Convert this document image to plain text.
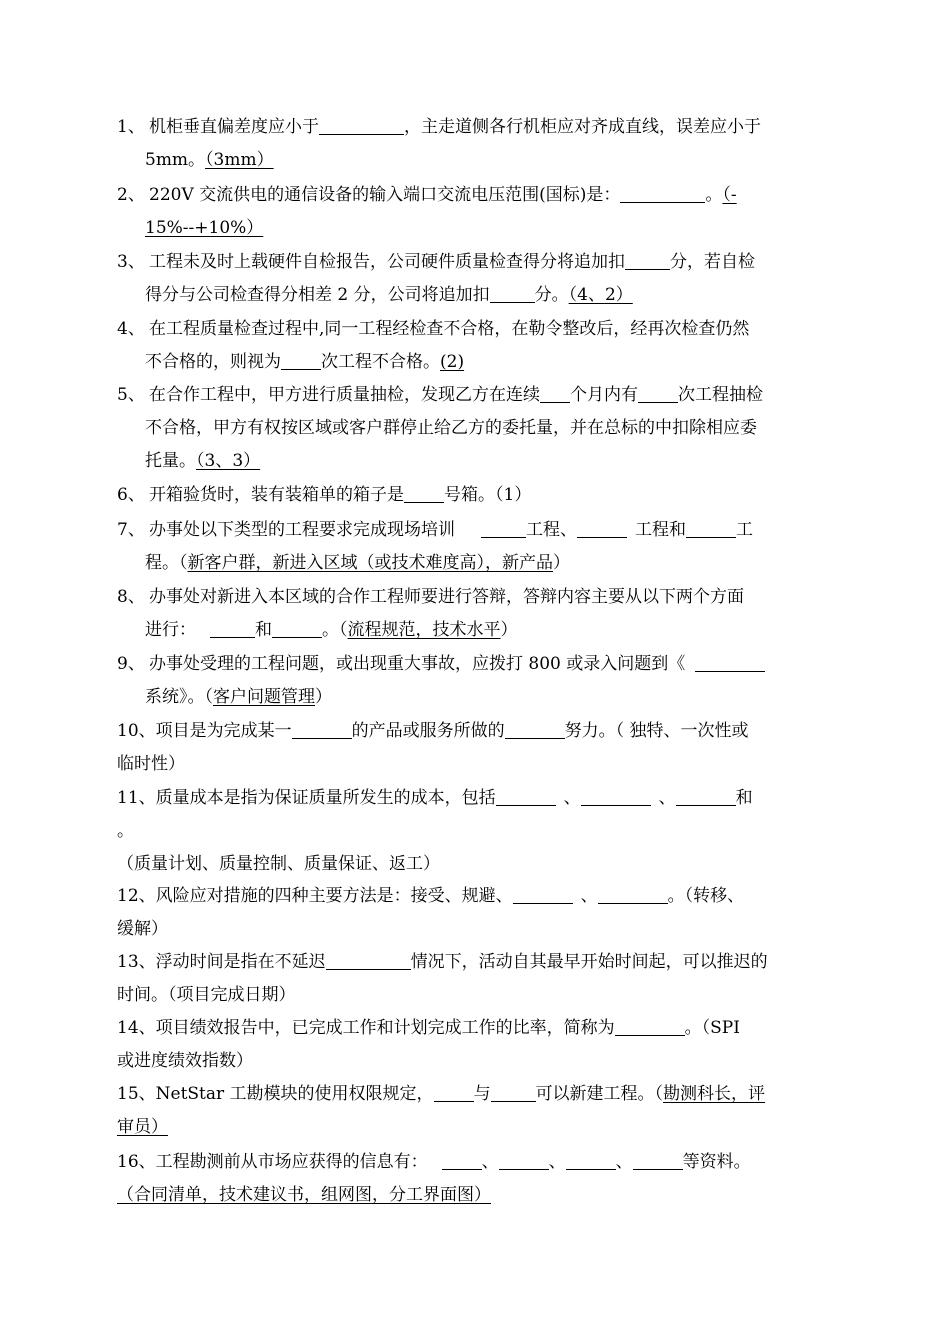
1、 机柜垂直偏差度应小于	，主走道侧各行机柜应对齐成直线，误差应小于
5mm。（3mm）
2、 220V 交流供电的通信设备的输入端口交流电压范围(国标)是：	。（-
15%--+10%）
3、 工程未及时上载硬件自检报告，公司硬件质量检查得分将追加扣	分，若自检
得分与公司检查得分相差 2 分，公司将追加扣	分。（4、2）
4、 在工程质量检查过程中,同一工程经检查不合格，在勒令整改后，经再次检查仍然
不合格的，则视为 次工程不合格。(2)
5、 在合作工程中，甲方进行质量抽检，发现乙方在连续 个月内有 次工程抽检
不合格，甲方有权按区域或客户群停止给乙方的委托量，并在总标的中扣除相应委
托量。（3、3）
6、 开箱验货时，装有装箱单的箱子是 号箱。（1）
7、 办事处以下类型的工程要求完成现场培训	工程、	工程和	工
程。（新客户群，新进入区域（或技术难度高），新产品）
8、 办事处对新进入本区域的合作工程师要进行答辩，答辩内容主要从以下两个方面
进行：	和	。（流程规范，技术水平）
9、 办事处受理的工程问题，或出现重大事故，应拨打 800 或录入问题到《
系统》。（客户问题管理）
10、项目是为完成某一	的产品或服务所做的	努力。（ 独特、一次性或
临时性）
11、质量成本是指为保证质量所发生的成本，包括	、	、	和
。
（质量计划、质量控制、质量保证、返工）
12、风险应对措施的四种主要方法是：接受、规避、	、	。（转移、
缓解）
13、浮动时间是指在不延迟	情况下，活动自其最早开始时间起，可以推迟的
时间。（项目完成日期）
14、项目绩效报告中，已完成工作和计划完成工作的比率，简称为	。（SPI
或进度绩效指数）
15、NetStar 工勘模块的使用权限规定， 与	可以新建工程。（勘测科长，评
审员）
16、工程勘测前从市场应获得的信息有：	、	、	、	等资料。
（合同清单，技术建议书，组网图，分工界面图）
